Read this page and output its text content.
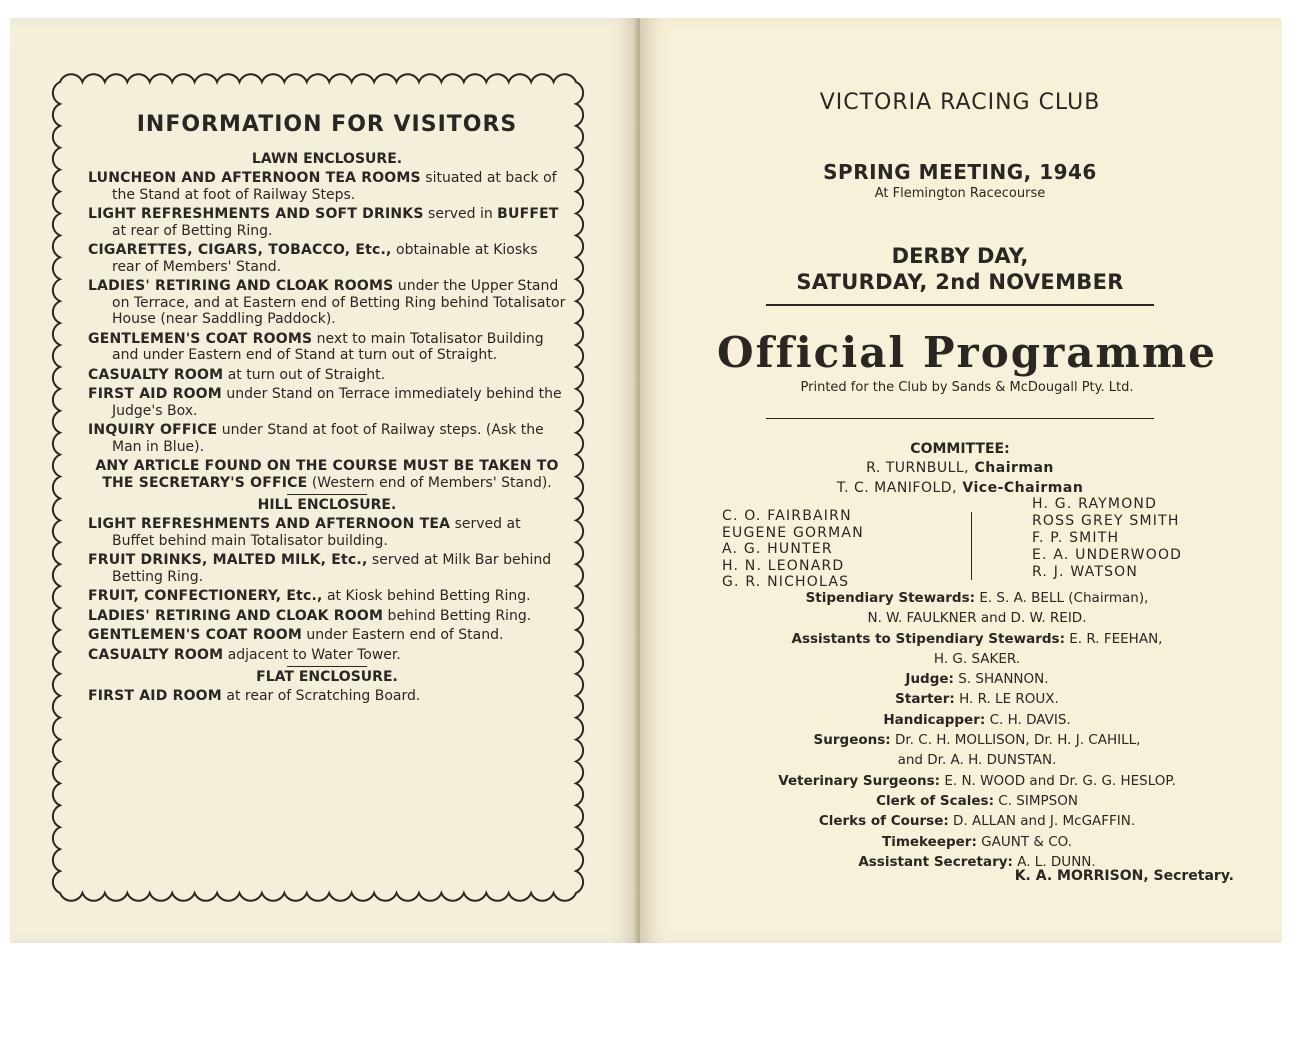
INFORMATION FOR VISITORS
LAWN ENCLOSURE.
LUNCHEON AND AFTERNOON TEA ROOMS situated at back of the Stand at foot of Railway Steps.
LIGHT REFRESHMENTS AND SOFT DRINKS served in BUFFET at rear of Betting Ring.
CIGARETTES, CIGARS, TOBACCO, Etc., obtainable at Kiosks rear of Members' Stand.
LADIES' RETIRING AND CLOAK ROOMS under the Upper Stand on Terrace, and at Eastern end of Betting Ring behind Totalisator House (near Saddling Paddock).
GENTLEMEN'S COAT ROOMS next to main Totalisator Building and under Eastern end of Stand at turn out of Straight.
CASUALTY ROOM at turn out of Straight.
FIRST AID ROOM under Stand on Terrace immediately behind the Judge's Box.
INQUIRY OFFICE under Stand at foot of Railway steps. (Ask the Man in Blue).
ANY ARTICLE FOUND ON THE COURSE MUST BE TAKEN TO THE SECRETARY'S OFFICE (Western end of Members' Stand).
HILL ENCLOSURE.
LIGHT REFRESHMENTS AND AFTERNOON TEA served at Buffet behind main Totalisator building.
FRUIT DRINKS, MALTED MILK, Etc., served at Milk Bar behind Betting Ring.
FRUIT, CONFECTIONERY, Etc., at Kiosk behind Betting Ring.
LADIES' RETIRING AND CLOAK ROOM behind Betting Ring.
GENTLEMEN'S COAT ROOM under Eastern end of Stand.
CASUALTY ROOM adjacent to Water Tower.
FLAT ENCLOSURE.
FIRST AID ROOM at rear of Scratching Board.
VICTORIA RACING CLUB
SPRING MEETING, 1946
At Flemington Racecourse
DERBY DAY,
SATURDAY, 2nd NOVEMBER
Official Programme
Printed for the Club by Sands & McDougall Pty. Ltd.
COMMITTEE:
R. TURNBULL, Chairman
T. C. MANIFOLD, Vice-Chairman
C. O. FAIRBAIRN
EUGENE GORMAN
A. G. HUNTER
H. N. LEONARD
G. R. NICHOLAS
H. G. RAYMOND
ROSS GREY SMITH
F. P. SMITH
E. A. UNDERWOOD
R. J. WATSON
Stipendiary Stewards: E. S. A. BELL (Chairman),
N. W. FAULKNER and D. W. REID.
Assistants to Stipendiary Stewards: E. R. FEEHAN,
H. G. SAKER.
Judge: S. SHANNON.
Starter: H. R. LE ROUX.
Handicapper: C. H. DAVIS.
Surgeons: Dr. C. H. MOLLISON, Dr. H. J. CAHILL,
and Dr. A. H. DUNSTAN.
Veterinary Surgeons: E. N. WOOD and Dr. G. G. HESLOP.
Clerk of Scales: C. SIMPSON
Clerks of Course: D. ALLAN and J. McGAFFIN.
Timekeeper: GAUNT & CO.
Assistant Secretary: A. L. DUNN.
K. A. MORRISON, Secretary.
